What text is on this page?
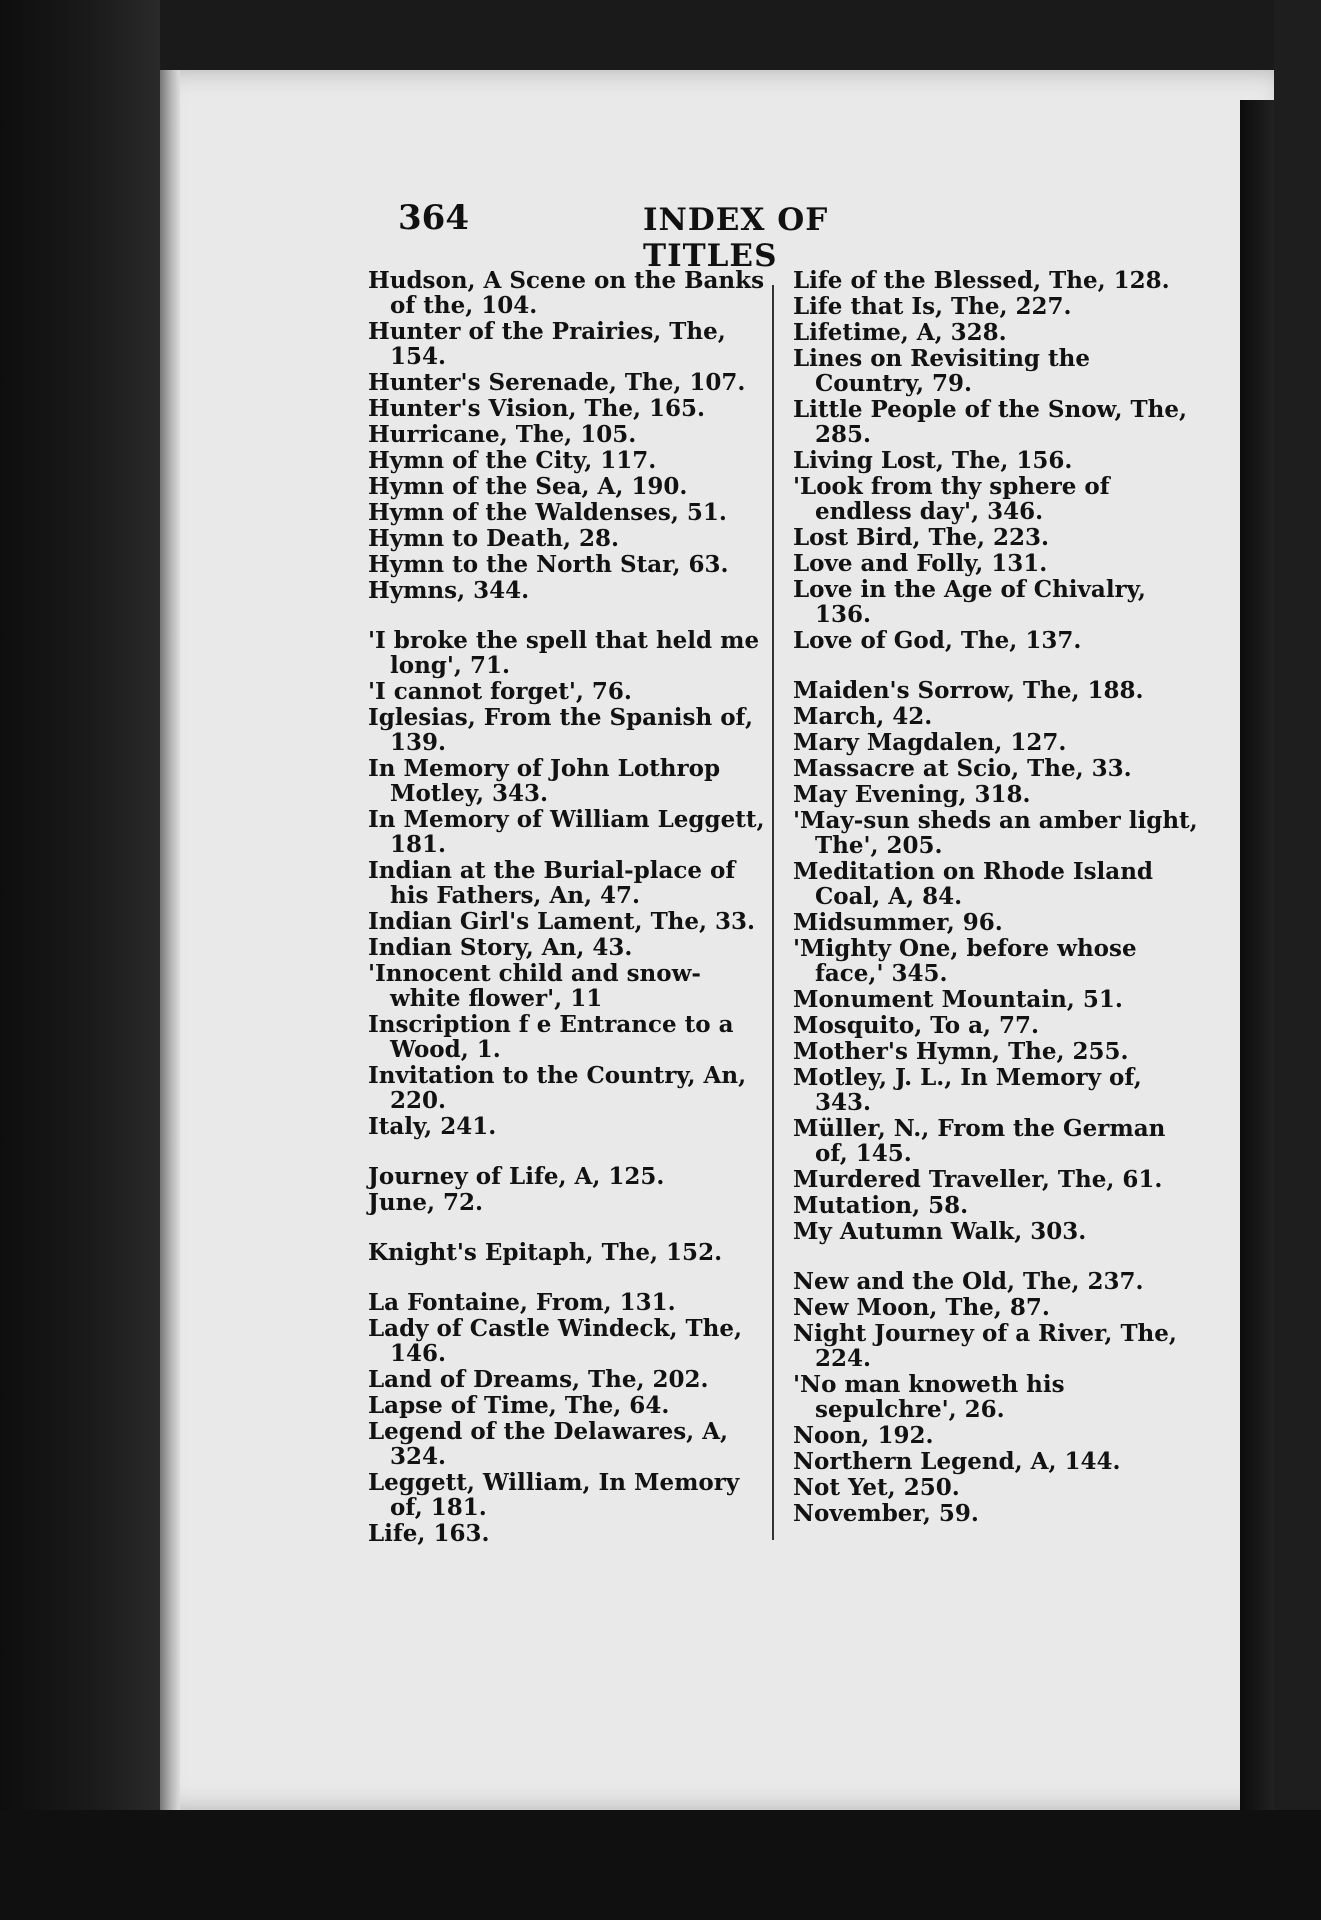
364	INDEX OF TITLES
Hudson, A Scene on the Banks of the, 104.
Hunter of the Prairies, The, 154.
Hunter's Serenade, The, 107.
Hunter's Vision, The, 165.
Hurricane, The, 105.
Hymn of the City, 117.
Hymn of the Sea, A, 190.
Hymn of the Waldenses, 51.
Hymn to Death, 28.
Hymn to the North Star, 63.
Hymns, 344.
'I broke the spell that held me long', 71.
'I cannot forget', 76.
Iglesias, From the Spanish of, 139.
In Memory of John Lothrop Motley, 343.
In Memory of William Leggett, 181.
Indian at the Burial-place of his Fathers, An, 47.
Indian Girl's Lament, The, 33.
Indian Story, An, 43.
'Innocent child and snow-white flower', 11
Inscription f e Entrance to a Wood, 1.
Invitation to the Country, An, 220.
Italy, 241.
Journey of Life, A, 125.
June, 72.
Knight's Epitaph, The, 152.
La Fontaine, From, 131.
Lady of Castle Windeck, The, 146.
Land of Dreams, The, 202.
Lapse of Time, The, 64.
Legend of the Delawares, A, 324.
Leggett, William, In Memory of, 181.
Life, 163.
Life of the Blessed, The, 128.
Life that Is, The, 227.
Lifetime, A, 328.
Lines on Revisiting the Country, 79.
Little People of the Snow, The, 285.
Living Lost, The, 156.
'Look from thy sphere of endless day', 346.
Lost Bird, The, 223.
Love and Folly, 131.
Love in the Age of Chivalry, 136.
Love of God, The, 137.
Maiden's Sorrow, The, 188.
March, 42.
Mary Magdalen, 127.
Massacre at Scio, The, 33.
May Evening, 318.
'May-sun sheds an amber light, The', 205.
Meditation on Rhode Island Coal, A, 84.
Midsummer, 96.
'Mighty One, before whose face,' 345.
Monument Mountain, 51.
Mosquito, To a, 77.
Mother's Hymn, The, 255.
Motley, J. L., In Memory of, 343.
Müller, N., From the German of, 145.
Murdered Traveller, The, 61.
Mutation, 58.
My Autumn Walk, 303.
New and the Old, The, 237.
New Moon, The, 87.
Night Journey of a River, The, 224.
'No man knoweth his sepulchre', 26.
Noon, 192.
Northern Legend, A, 144.
Not Yet, 250.
November, 59.
